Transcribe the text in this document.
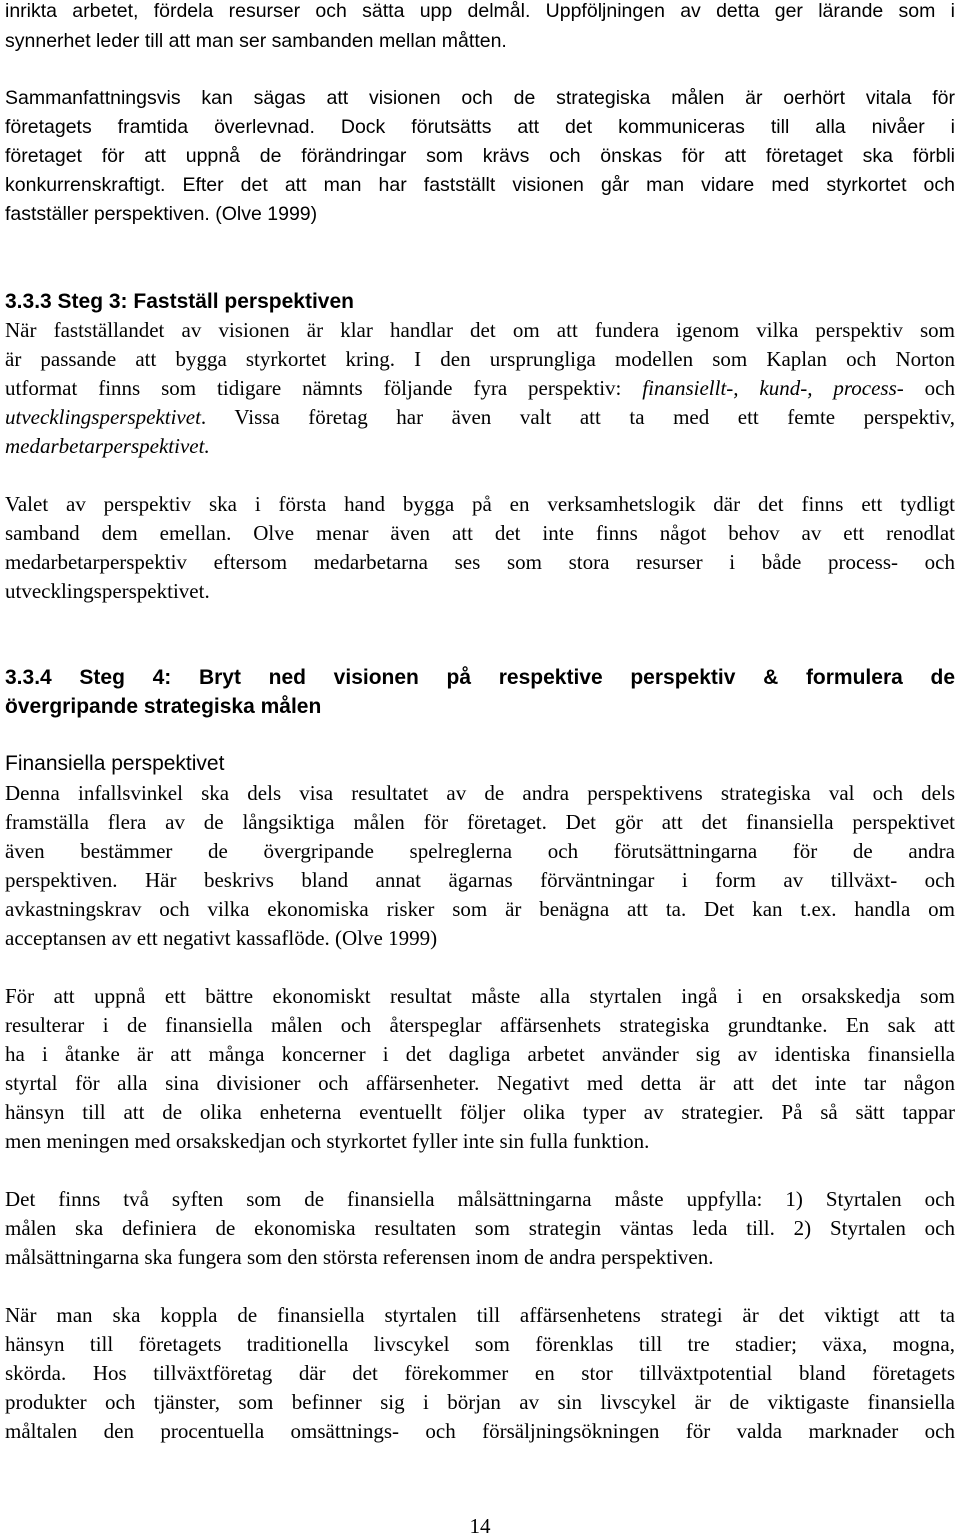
inrikta arbetet, fördela resurser och sätta upp delmål. Uppföljningen av detta ger lärande som i
synnerhet leder till att man ser sambanden mellan måtten.
Sammanfattningsvis kan sägas att visionen och de strategiska målen är oerhört vitala för
företagets framtida överlevnad. Dock förutsätts att det kommuniceras till alla nivåer i
företaget för att uppnå de förändringar som krävs och önskas för att företaget ska förbli
konkurrenskraftigt. Efter det att man har fastställt visionen går man vidare med styrkortet och
fastställer perspektiven. (Olve 1999)
3.3.3 Steg 3: Fastställ perspektiven
När fastställandet av visionen är klar handlar det om att fundera igenom vilka perspektiv som
är passande att bygga styrkortet kring. I den ursprungliga modellen som Kaplan och Norton
utformat finns som tidigare nämnts följande fyra perspektiv: finansiellt-, kund-, process- och
utvecklingsperspektivet. Vissa företag har även valt att ta med ett femte perspektiv,
medarbetarperspektivet.
Valet av perspektiv ska i första hand bygga på en verksamhetslogik där det finns ett tydligt
samband dem emellan. Olve menar även att det inte finns något behov av ett renodlat
medarbetarperspektiv eftersom medarbetarna ses som stora resurser i både process- och
utvecklingsperspektivet.
3.3.4 Steg 4: Bryt ned visionen på respektive perspektiv & formulera de
övergripande strategiska målen
Finansiella perspektivet
Denna infallsvinkel ska dels visa resultatet av de andra perspektivens strategiska val och dels
framställa flera av de långsiktiga målen för företaget. Det gör att det finansiella perspektivet
även bestämmer de övergripande spelreglerna och förutsättningarna för de andra
perspektiven. Här beskrivs bland annat ägarnas förväntningar i form av tillväxt- och
avkastningskrav och vilka ekonomiska risker som är benägna att ta. Det kan t.ex. handla om
acceptansen av ett negativt kassaflöde. (Olve 1999)
För att uppnå ett bättre ekonomiskt resultat måste alla styrtalen ingå i en orsakskedja som
resulterar i de finansiella målen och återspeglar affärsenhets strategiska grundtanke. En sak att
ha i åtanke är att många koncerner i det dagliga arbetet använder sig av identiska finansiella
styrtal för alla sina divisioner och affärsenheter. Negativt med detta är att det inte tar någon
hänsyn till att de olika enheterna eventuellt följer olika typer av strategier. På så sätt tappar
men meningen med orsakskedjan och styrkortet fyller inte sin fulla funktion.
Det finns två syften som de finansiella målsättningarna måste uppfylla: 1) Styrtalen och
målen ska definiera de ekonomiska resultaten som strategin väntas leda till. 2) Styrtalen och
målsättningarna ska fungera som den största referensen inom de andra perspektiven.
När man ska koppla de finansiella styrtalen till affärsenhetens strategi är det viktigt att ta
hänsyn till företagets traditionella livscykel som förenklas till tre stadier; växa, mogna,
skörda. Hos tillväxtföretag där det förekommer en stor tillväxtpotential bland företagets
produkter och tjänster, som befinner sig i början av sin livscykel är de viktigaste finansiella
måltalen den procentuella omsättnings- och försäljningsökningen för valda marknader och
14
